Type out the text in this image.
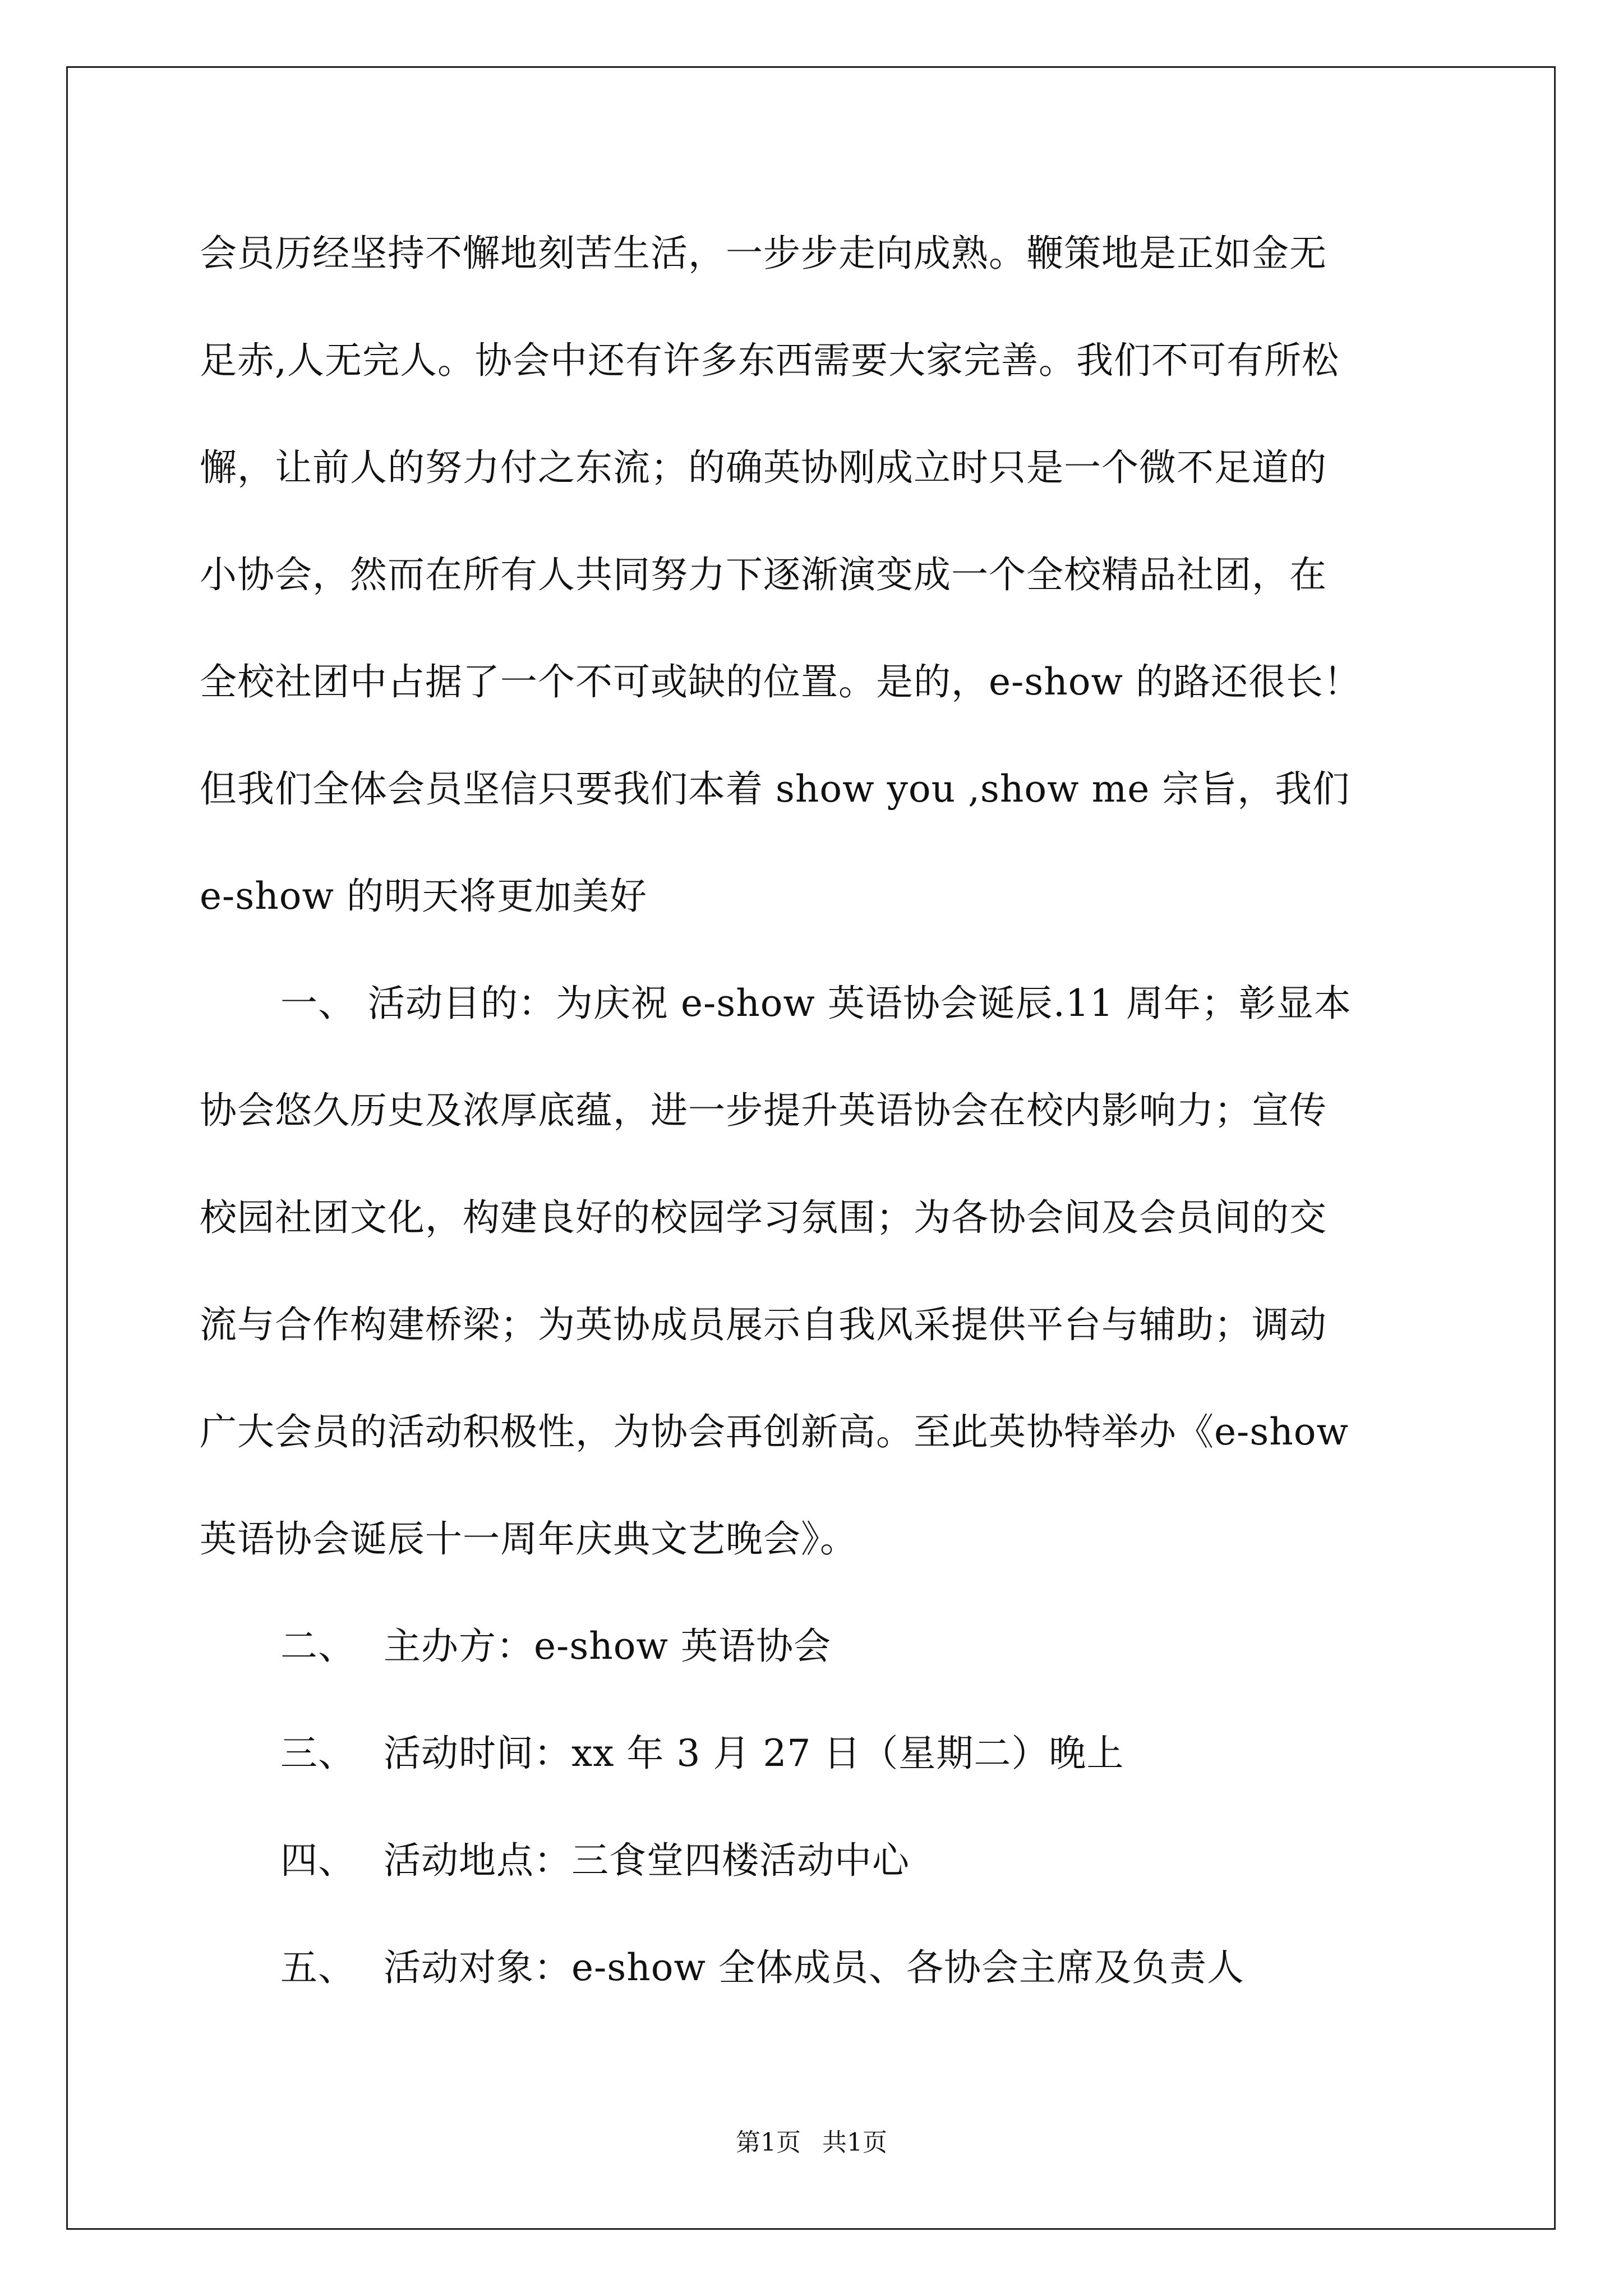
会员历经坚持不懈地刻苦生活，一步步走向成熟。鞭策地是正如金无
足赤,人无完人。协会中还有许多东西需要大家完善。我们不可有所松
懈，让前人的努力付之东流；的确英协刚成立时只是一个微不足道的
小协会，然而在所有人共同努力下逐渐演变成一个全校精品社团，在
全校社团中占据了一个不可或缺的位置。是的，e-show 的路还很长！
但我们全体会员坚信只要我们本着 show you ,show me 宗旨，我们
e-show 的明天将更加美好
一、 活动目的：为庆祝 e-show 英语协会诞辰.11 周年；彰显本
协会悠久历史及浓厚底蕴，进一步提升英语协会在校内影响力；宣传
校园社团文化，构建良好的校园学习氛围；为各协会间及会员间的交
流与合作构建桥梁；为英协成员展示自我风采提供平台与辅助；调动
广大会员的活动积极性，为协会再创新高。至此英协特举办《e-show
英语协会诞辰十一周年庆典文艺晚会》。
二、 主办方：e-show 英语协会
三、 活动时间：xx 年 3 月 27 日（星期二）晚上
四、 活动地点：三食堂四楼活动中心
五、 活动对象：e-show 全体成员、各协会主席及负责人
第1页 共1页
